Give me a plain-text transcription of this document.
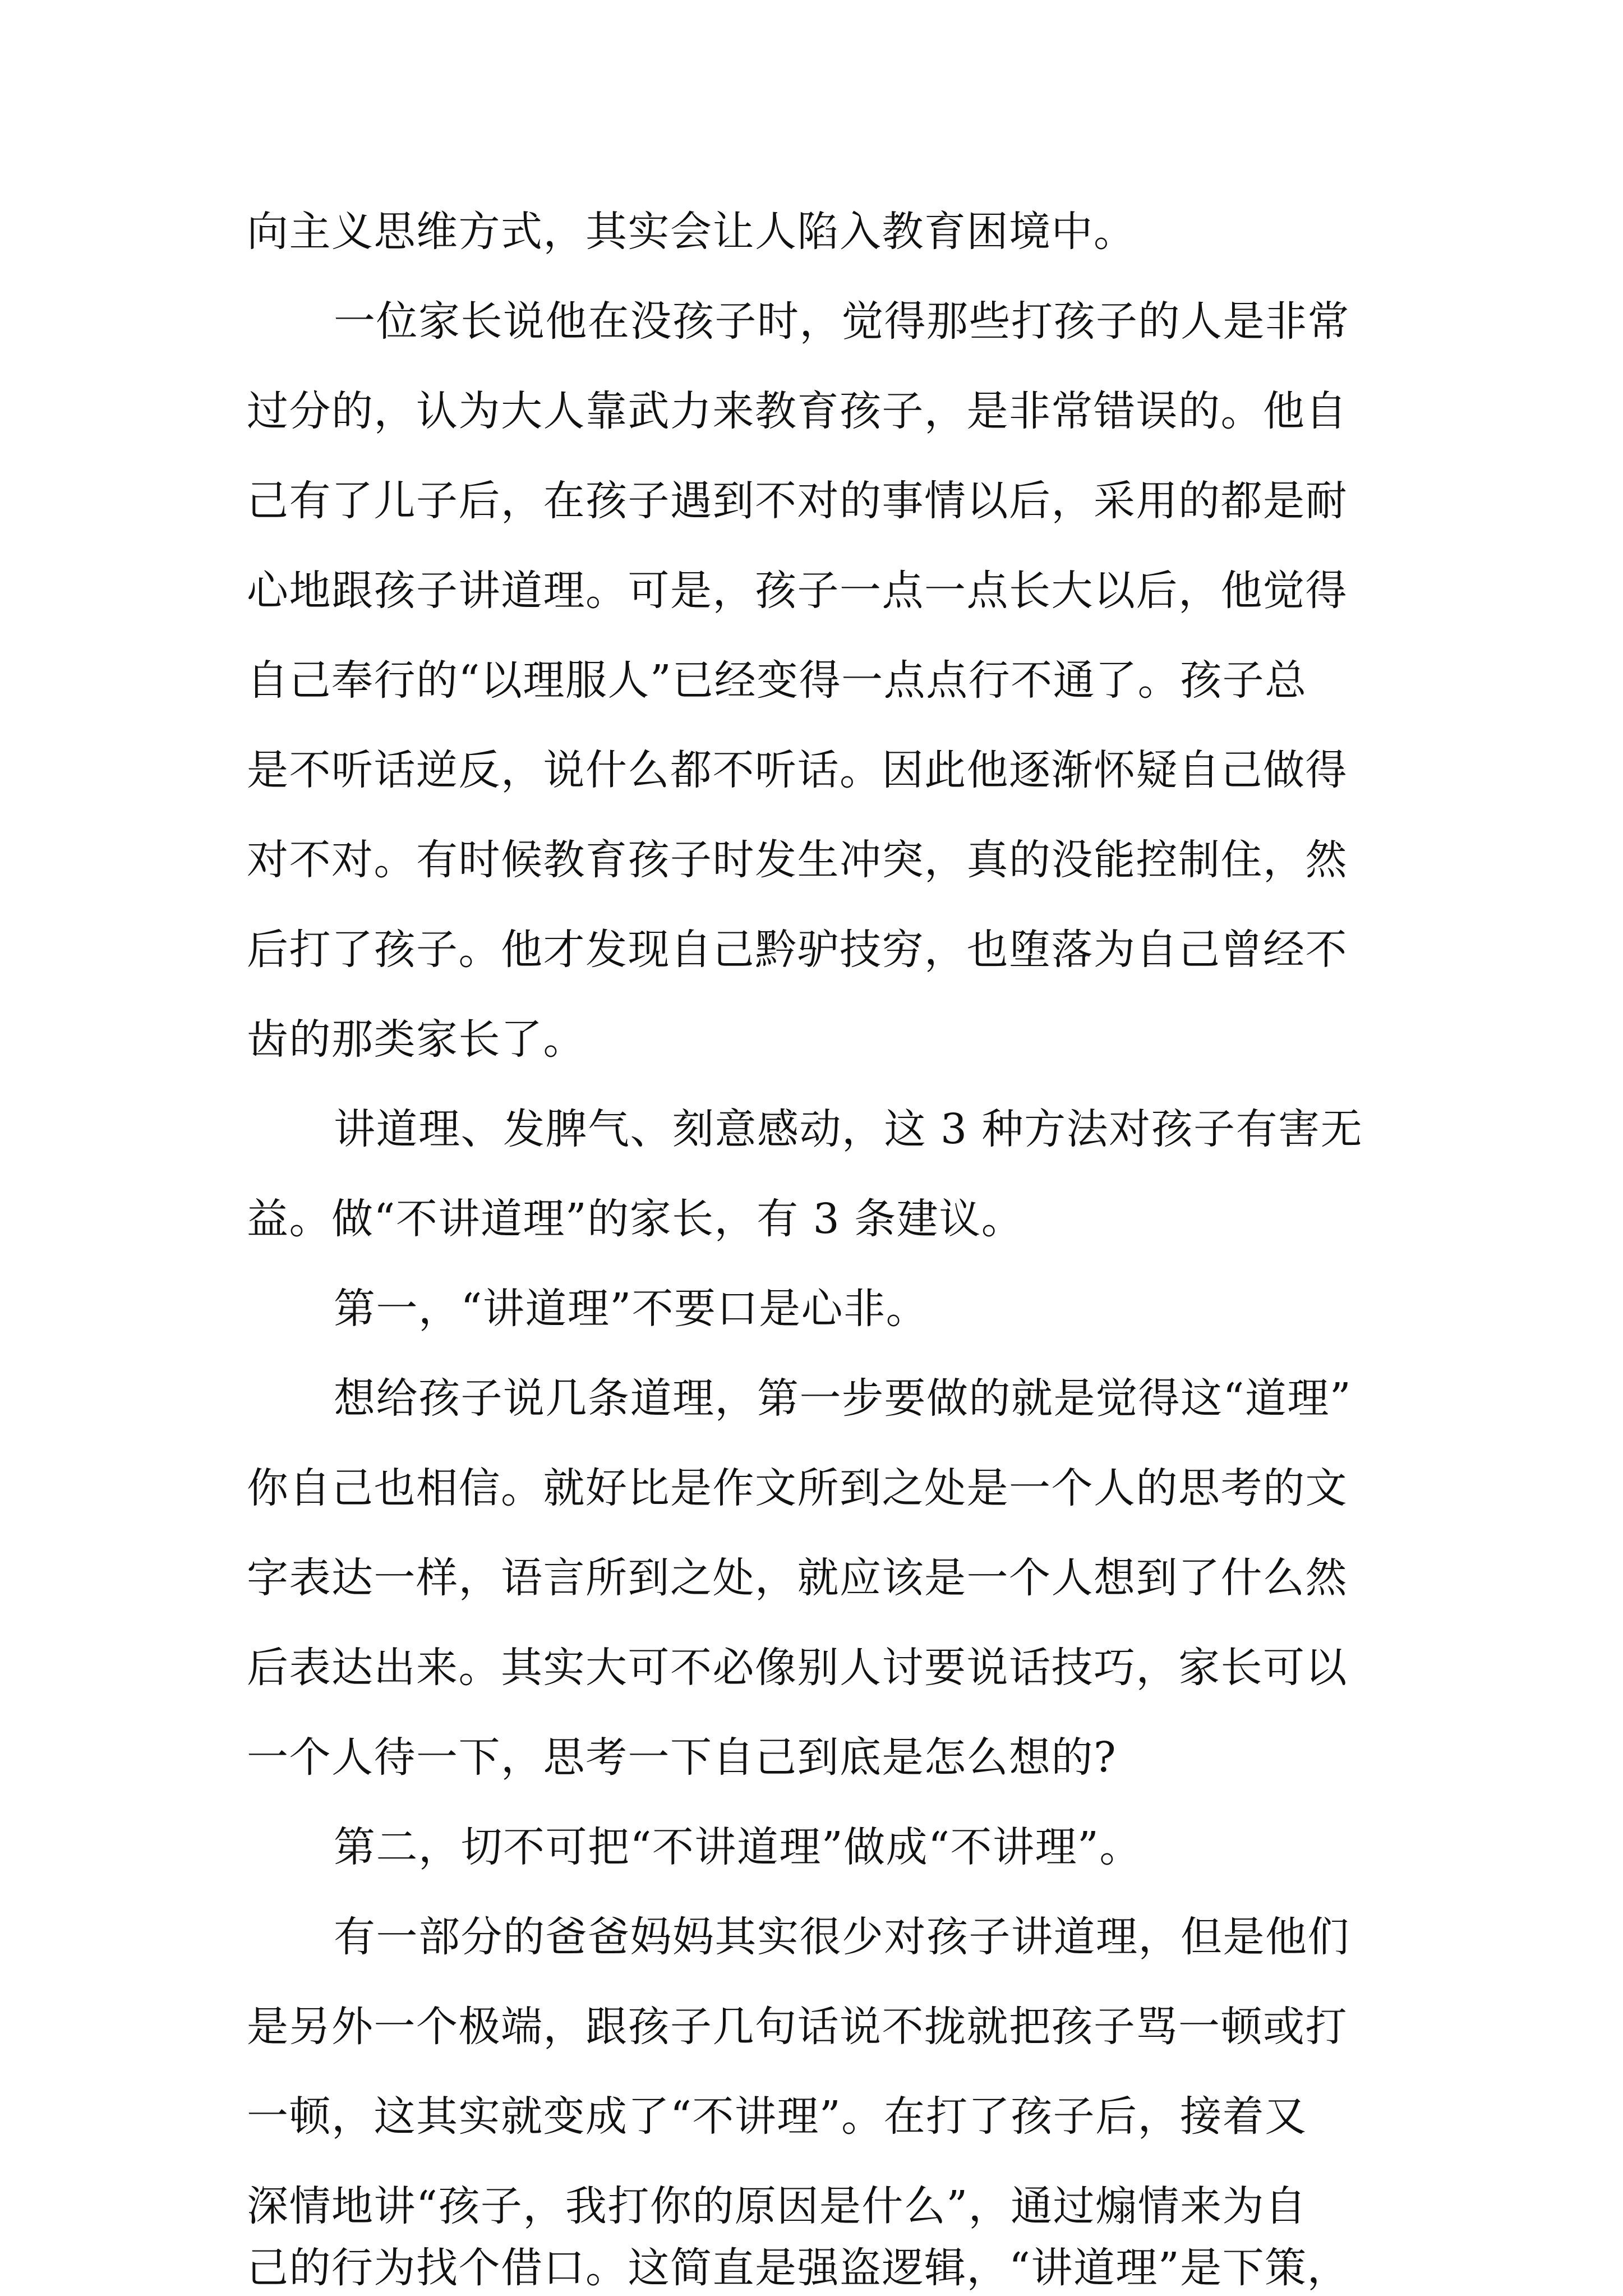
向主义思维方式，其实会让人陷入教育困境中。
一位家长说他在没孩子时，觉得那些打孩子的人是非常
过分的，认为大人靠武力来教育孩子，是非常错误的。他自
己有了儿子后，在孩子遇到不对的事情以后，采用的都是耐
心地跟孩子讲道理。可是，孩子一点一点长大以后，他觉得
自己奉行的“以理服人”已经变得一点点行不通了。孩子总
是不听话逆反，说什么都不听话。因此他逐渐怀疑自己做得
对不对。有时候教育孩子时发生冲突，真的没能控制住，然
后打了孩子。他才发现自己黔驴技穷，也堕落为自己曾经不
齿的那类家长了。
讲道理、发脾气、刻意感动，这 3 种方法对孩子有害无
益。做“不讲道理”的家长，有 3 条建议。
第一，“讲道理”不要口是心非。
想给孩子说几条道理，第一步要做的就是觉得这“道理”
你自己也相信。就好比是作文所到之处是一个人的思考的文
字表达一样，语言所到之处，就应该是一个人想到了什么然
后表达出来。其实大可不必像别人讨要说话技巧，家长可以
一个人待一下，思考一下自己到底是怎么想的?
第二，切不可把“不讲道理”做成“不讲理”。
有一部分的爸爸妈妈其实很少对孩子讲道理，但是他们
是另外一个极端，跟孩子几句话说不拢就把孩子骂一顿或打
一顿，这其实就变成了“不讲理”。在打了孩子后，接着又
深情地讲“孩子，我打你的原因是什么”，通过煽情来为自
己的行为找个借口。这简直是强盗逻辑，“讲道理”是下策，
